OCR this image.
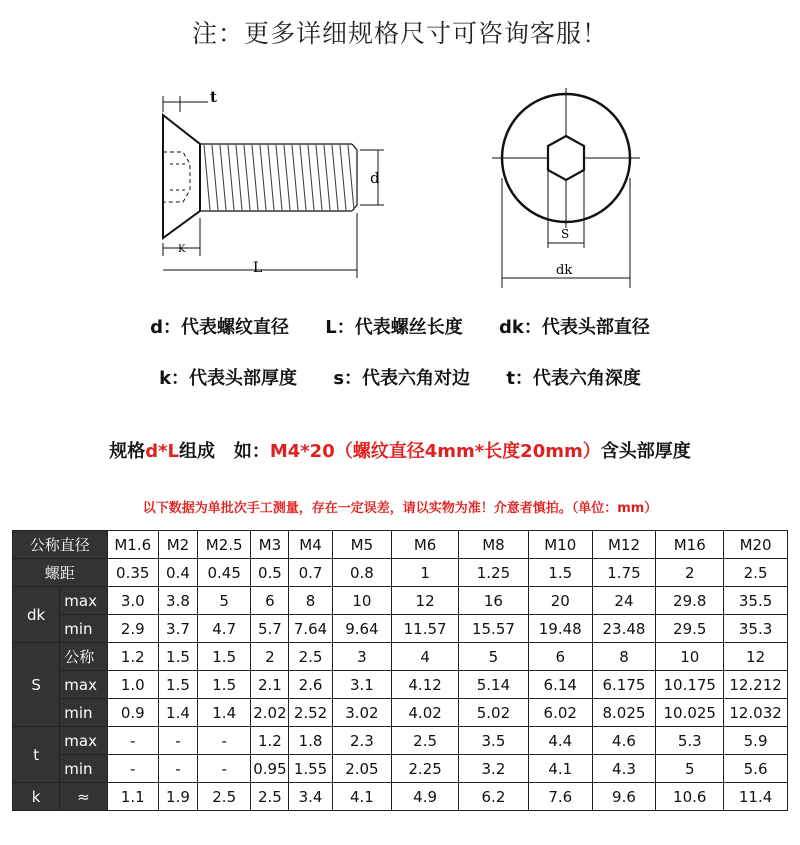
注：更多详细规格尺寸可咨询客服！
t
d
K
L
S
dk
d：代表螺纹直径 L：代表螺丝长度 dk：代表头部直径
k：代表头部厚度 s：代表六角对边 t：代表六角深度
规格d*L组成   如：M4*20（螺纹直径4mm*长度20mm）含头部厚度
以下数据为单批次手工测量，存在一定误差，请以实物为准！介意者慎拍。（单位：mm）
公称直径		M1.6	M2	M2.5	M3	M4	M5	M6	M8	M10	M12	M16	M20
螺距		0.35	0.4	0.45	0.5	0.7	0.8	1	1.25	1.5	1.75	2	2.5
dk	max	3.0	3.8	5	6	8	10	12	16	20	24	29.8	35.5
	min	2.9	3.7	4.7	5.7	7.64	9.64	11.57	15.57	19.48	23.48	29.5	35.3
S	公称	1.2	1.5	1.5	2	2.5	3	4	5	6	8	10	12
	max	1.0	1.5	1.5	2.1	2.6	3.1	4.12	5.14	6.14	6.175	10.175	12.212
	min	0.9	1.4	1.4	2.02	2.52	3.02	4.02	5.02	6.02	8.025	10.025	12.032
t	max	-	-	-	1.2	1.8	2.3	2.5	3.5	4.4	4.6	5.3	5.9
	min	-	-	-	0.95	1.55	2.05	2.25	3.2	4.1	4.3	5	5.6
k	≈	1.1	1.9	2.5	2.5	3.4	4.1	4.9	6.2	7.6	9.6	10.6	11.4
